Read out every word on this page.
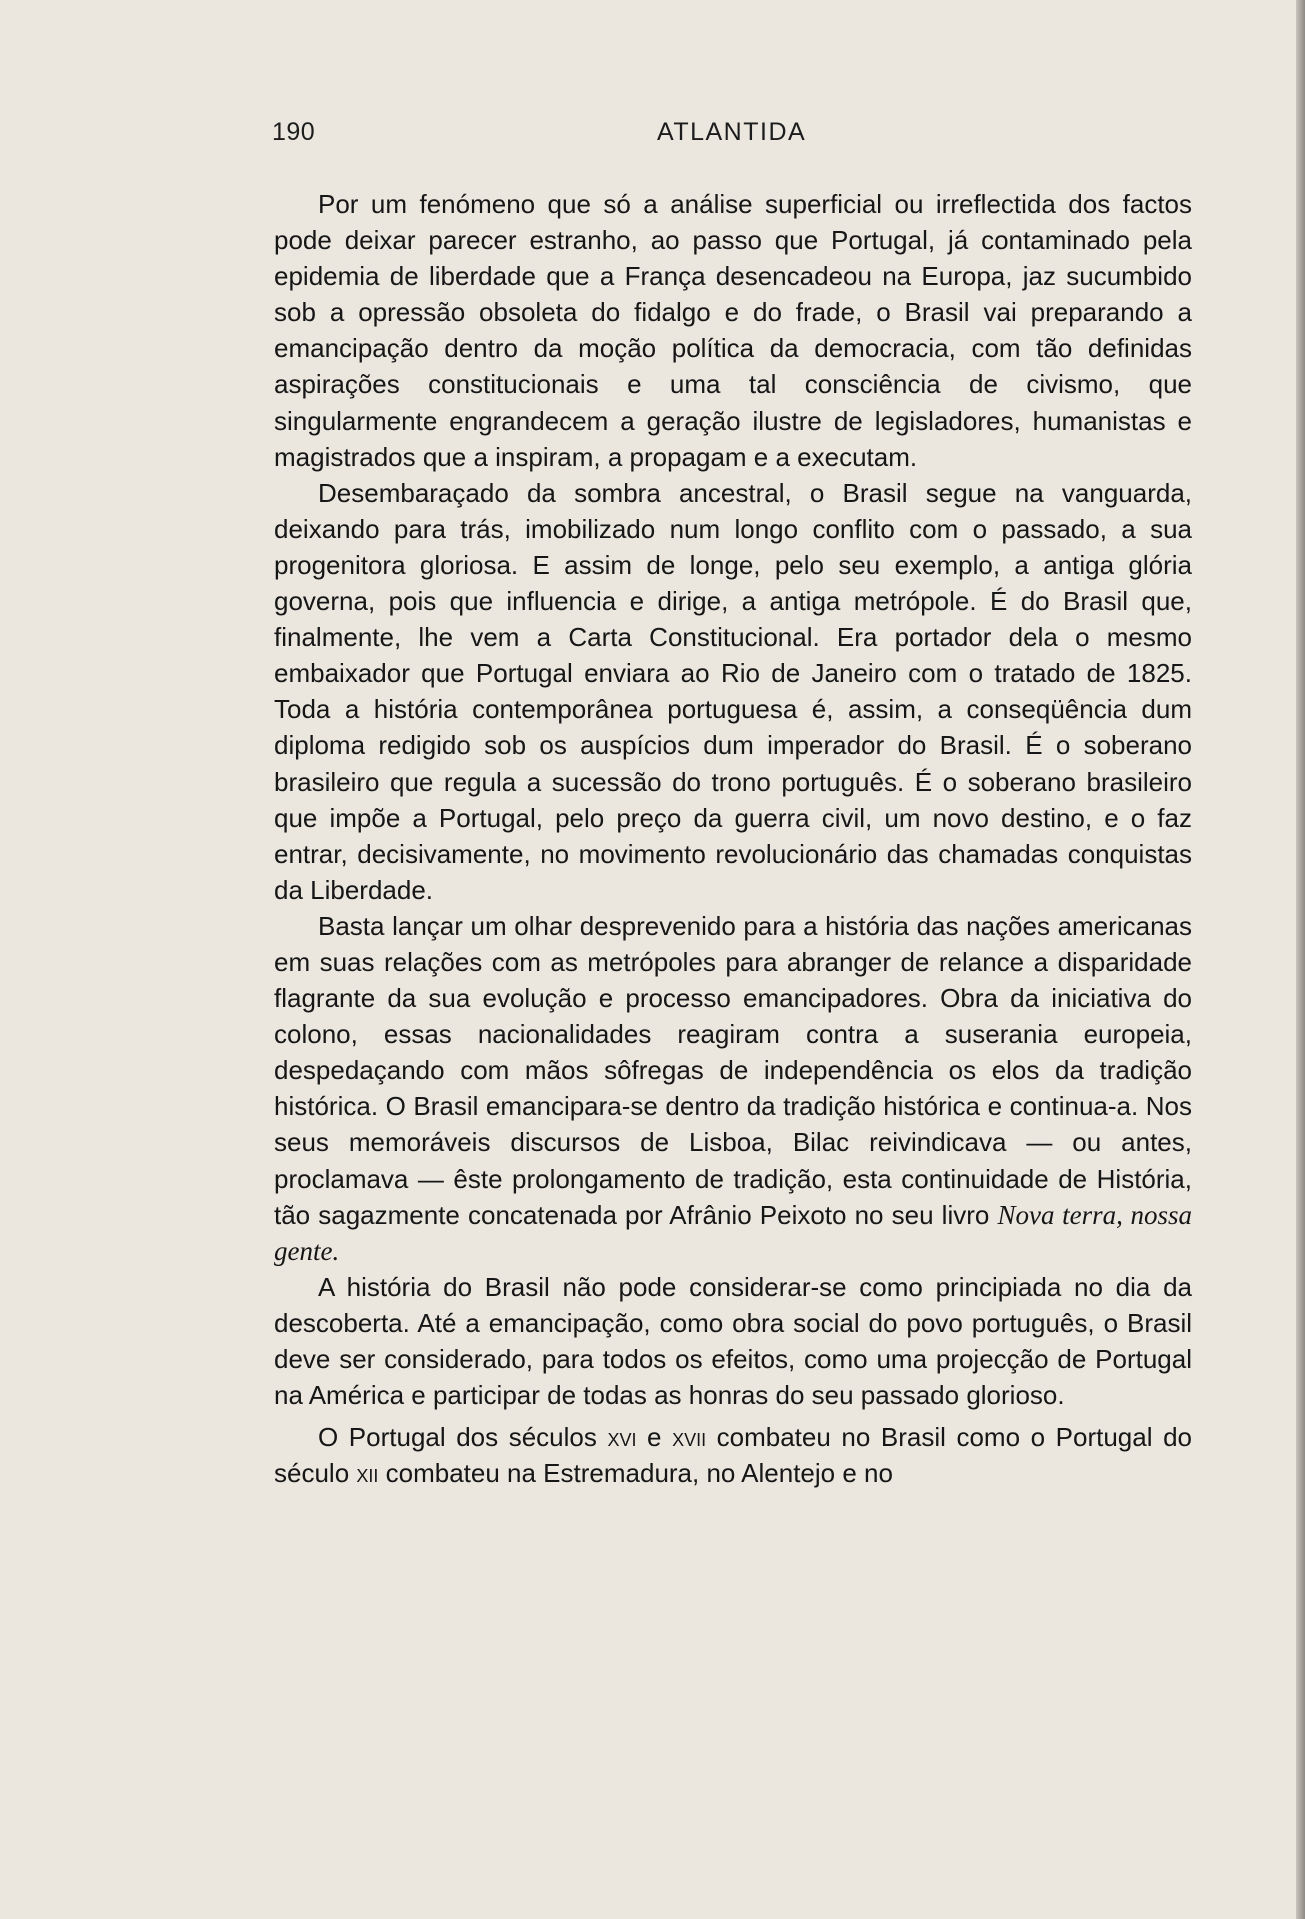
190	ATLANTIDA

Por um fenómeno que só a análise superficial ou irreflectida dos factos pode deixar parecer estranho, ao passo que Portugal, já contaminado pela epidemia de liberdade que a França desencadeou na Europa, jaz sucumbido sob a opressão obsoleta do fidalgo e do frade, o Brasil vai preparando a emancipação dentro da moção política da democracia, com tão definidas aspirações constitucionais e uma tal consciência de civismo, que singularmente engrandecem a geração ilustre de legisladores, humanistas e magistrados que a inspiram, a propagam e a executam.

Desembaraçado da sombra ancestral, o Brasil segue na vanguarda, deixando para trás, imobilizado num longo conflito com o passado, a sua progenitora gloriosa. E assim de longe, pelo seu exemplo, a antiga glória governa, pois que influencia e dirige, a antiga metrópole. É do Brasil que, finalmente, lhe vem a Carta Constitucional. Era portador dela o mesmo embaixador que Portugal enviara ao Rio de Janeiro com o tratado de 1825. Toda a história contemporânea portuguesa é, assim, a conseqüência dum diploma redigido sob os auspícios dum imperador do Brasil. É o soberano brasileiro que regula a sucessão do trono português. É o soberano brasileiro que impõe a Portugal, pelo preço da guerra civil, um novo destino, e o faz entrar, decisivamente, no movimento revolucionário das chamadas conquistas da Liberdade.

Basta lançar um olhar desprevenido para a história das nações americanas em suas relações com as metrópoles para abranger de relance a disparidade flagrante da sua evolução e processo emancipadores. Obra da iniciativa do colono, essas nacionalidades reagiram contra a suserania europeia, despedaçando com mãos sôfregas de independência os elos da tradição histórica. O Brasil emancipara-se dentro da tradição histórica e continua-a. Nos seus memoráveis discursos de Lisboa, Bilac reivindicava — ou antes, proclamava — êste prolongamento de tradição, esta continuidade de História, tão sagazmente concatenada por Afrânio Peixoto no seu livro Nova terra, nossa gente.

A história do Brasil não pode considerar-se como principiada no dia da descoberta. Até a emancipação, como obra social do povo português, o Brasil deve ser considerado, para todos os efeitos, como uma projecção de Portugal na América e participar de todas as honras do seu passado glorioso.

O Portugal dos séculos xvi e xvii combateu no Brasil como o Portugal do século xii combateu na Estremadura, no Alentejo e no
